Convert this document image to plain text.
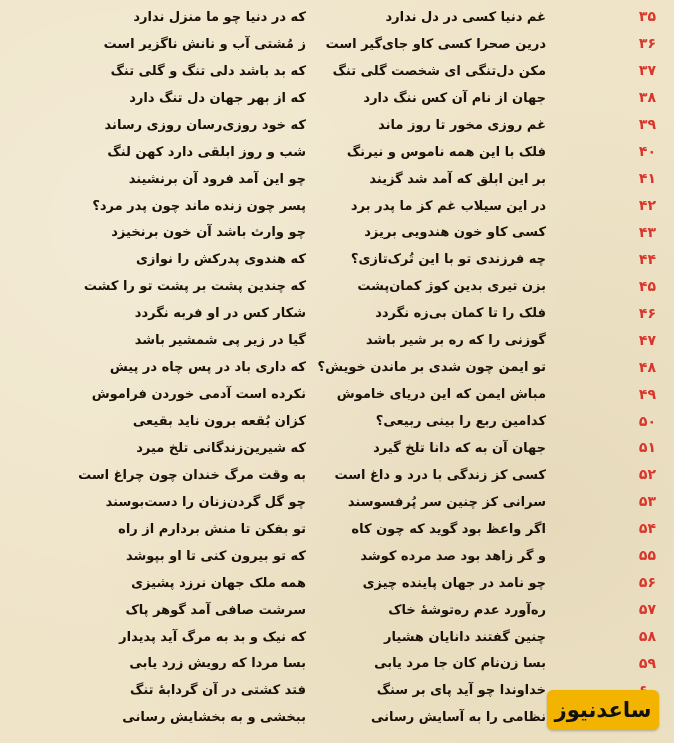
۳۵
غم دنیا کسی در دل ندارد
که در دنیا چو ما منزل ندارد
۳۶
درین صحرا کسی کاو جای‌گیر است
ز مُشتی آب و نانش ناگزیر است
۳۷
مکن دل‌تنگی ای شخصت گلی تنگ
که بد باشد دلی تنگ و گلی تنگ
۳۸
جهان از نام آن کس ننگ دارد
که از بهر جهان دل تنگ دارد
۳۹
غم روزی مخور تا روز ماند
که خود روزی‌رسان روزی رساند
۴۰
فلک با این همه ناموس و نیرنگ
شب و روز ابلقی دارد کهن لنگ
۴۱
بر این ابلق که آمد شد گزیند
چو این آمد فرود آن برنشیند
۴۲
در این سیلاب غم کز ما پدر برد
پسر چون زنده ماند چون پدر مرد؟
۴۳
کسی کاو خون هندویی بریزد
چو وارث باشد آن خون برنخیزد
۴۴
چه فرزندی تو با این تُرک‌تازی؟
که هندوی پدرکش را نوازی
۴۵
بزن تیری بدین کوژ کمان‌پشت
که چندین پشت بر پشت تو را کشت
۴۶
فلک را تا کمان بی‌زه نگردد
شکار کس در او فربه نگردد
۴۷
گوزنی را که ره بر شیر باشد
گیا در زیر پی شمشیر باشد
۴۸
تو ایمن چون شدی بر ماندن خویش؟
که داری باد در پس چاه در پیش
۴۹
مباش ایمن که این دریای خاموش
نکرده است آدمی خوردن فراموش
۵۰
کدامین ربع را بینی ربیعی؟
کزان بُقعه برون ناید بقیعی
۵۱
جهان آن به که دانا تلخ گیرد
که شیرین‌زندگانی تلخ میرد
۵۲
کسی کز زندگی با درد و داغ است
به وقت مرگ خندان چون چراغ است
۵۳
سرانی کز چنین سر پُرفسوسند
چو گل گردن‌زنان را دست‌بوسند
۵۴
اگر واعظ بود گوید که چون کاه
تو بفکن تا منش بردارم از راه
۵۵
و گر زاهد بود صد مرده کوشد
که تو بیرون کنی تا او بپوشد
۵۶
چو نامد در جهان پاینده چیزی
همه ملک جهان نرزد پشیزی
۵۷
ره‌آورد عدم ره‌توشهٔ خاک
سرشت صافی آمد گوهر پاک
۵۸
چنین گفتند دانایان هشیار
که نیک و بد به مرگ آید پدیدار
۵۹
بسا زن‌نام کان جا مرد یابی
بسا مردا که رویش زرد یابی
خداوندا چو آید پای بر سنگ
فتد کشتی در آن گردابهٔ تنگ
نظامی را به آسایش رسانی
ببخشی و به بخشایش رسانی	ساعدنیوز
